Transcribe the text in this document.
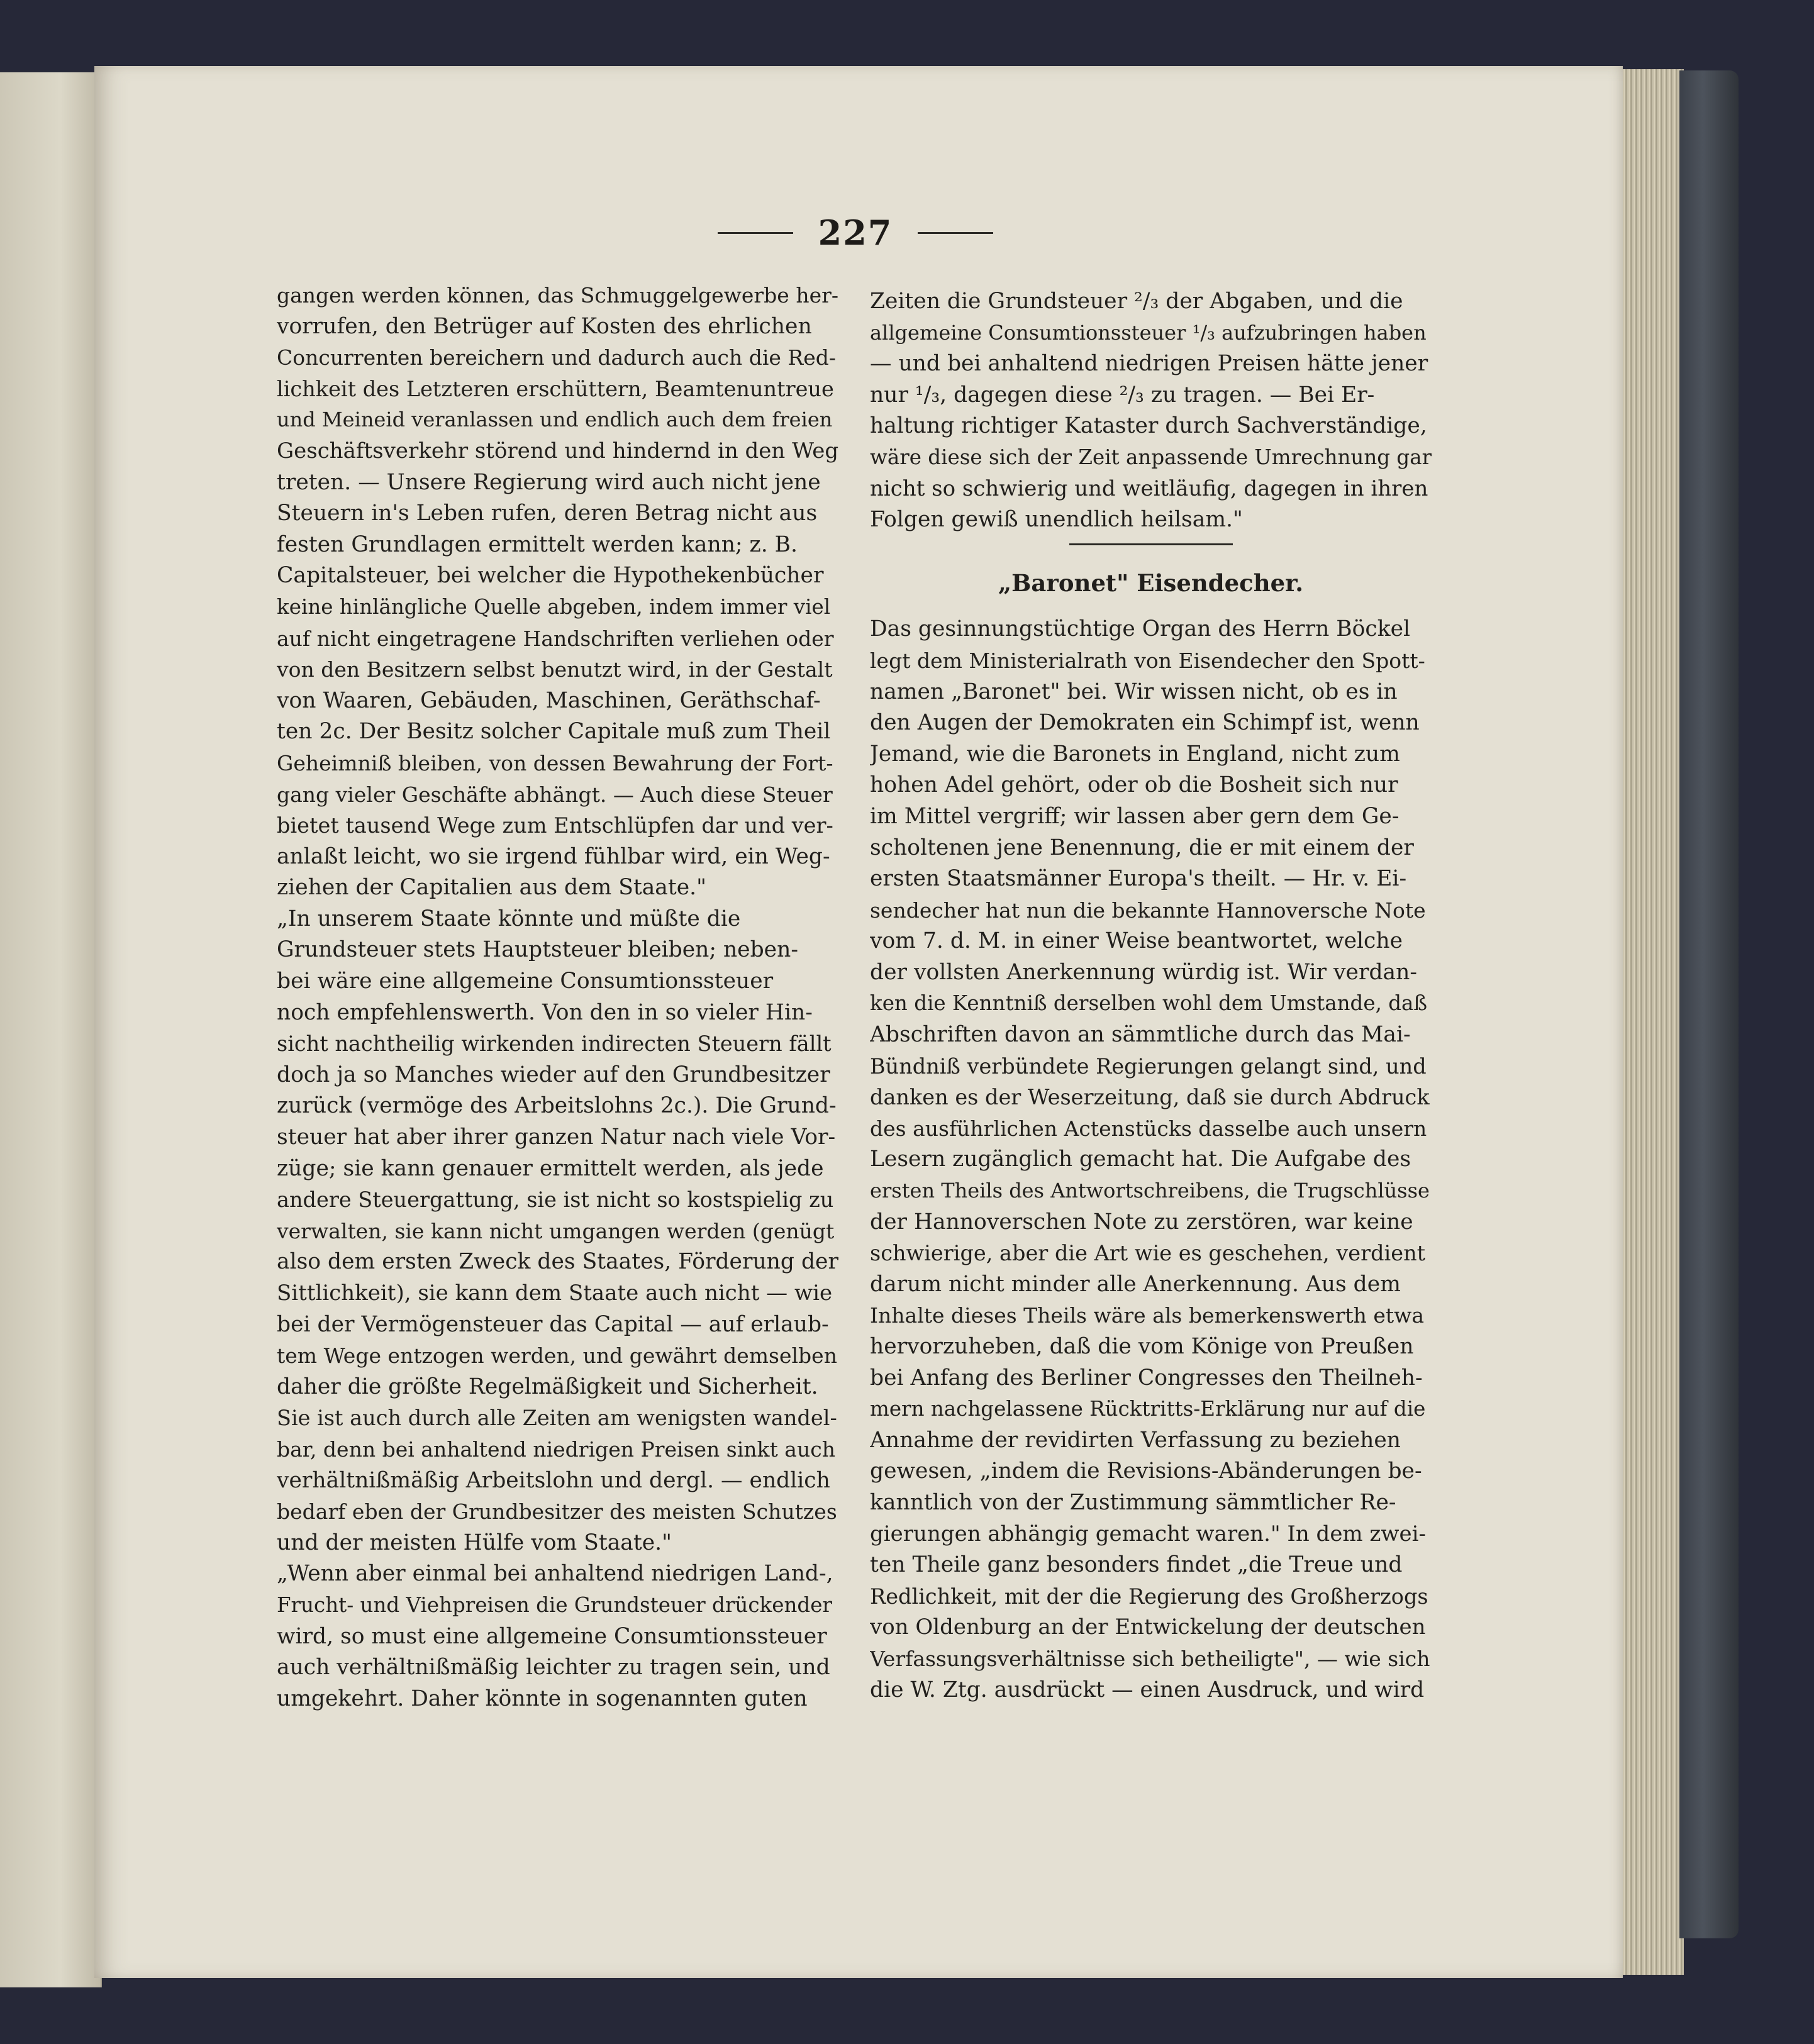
227
gangen werden können, das Schmuggelgewerbe her-
vorrufen, den Betrüger auf Kosten des ehrlichen
Concurrenten bereichern und dadurch auch die Red-
lichkeit des Letzteren erschüttern, Beamtenuntreue
und Meineid veranlassen und endlich auch dem freien
Geschäftsverkehr störend und hindernd in den Weg
treten. — Unsere Regierung wird auch nicht jene
Steuern in's Leben rufen, deren Betrag nicht aus
festen Grundlagen ermittelt werden kann; z. B.
Capitalsteuer, bei welcher die Hypothekenbücher
keine hinlängliche Quelle abgeben, indem immer viel
auf nicht eingetragene Handschriften verliehen oder
von den Besitzern selbst benutzt wird, in der Gestalt
von Waaren, Gebäuden, Maschinen, Geräthschaf-
ten 2c. Der Besitz solcher Capitale muß zum Theil
Geheimniß bleiben, von dessen Bewahrung der Fort-
gang vieler Geschäfte abhängt. — Auch diese Steuer
bietet tausend Wege zum Entschlüpfen dar und ver-
anlaßt leicht, wo sie irgend fühlbar wird, ein Weg-
ziehen der Capitalien aus dem Staate."
„In unserem Staate könnte und müßte die
Grundsteuer stets Hauptsteuer bleiben; neben-
bei wäre eine allgemeine Consumtionssteuer
noch empfehlenswerth. Von den in so vieler Hin-
sicht nachtheilig wirkenden indirecten Steuern fällt
doch ja so Manches wieder auf den Grundbesitzer
zurück (vermöge des Arbeitslohns 2c.). Die Grund-
steuer hat aber ihrer ganzen Natur nach viele Vor-
züge; sie kann genauer ermittelt werden, als jede
andere Steuergattung, sie ist nicht so kostspielig zu
verwalten, sie kann nicht umgangen werden (genügt
also dem ersten Zweck des Staates, Förderung der
Sittlichkeit), sie kann dem Staate auch nicht — wie
bei der Vermögensteuer das Capital — auf erlaub-
tem Wege entzogen werden, und gewährt demselben
daher die größte Regelmäßigkeit und Sicherheit.
Sie ist auch durch alle Zeiten am wenigsten wandel-
bar, denn bei anhaltend niedrigen Preisen sinkt auch
verhältnißmäßig Arbeitslohn und dergl. — endlich
bedarf eben der Grundbesitzer des meisten Schutzes
und der meisten Hülfe vom Staate."
„Wenn aber einmal bei anhaltend niedrigen Land-,
Frucht- und Viehpreisen die Grundsteuer drückender
wird, so must eine allgemeine Consumtionssteuer
auch verhältnißmäßig leichter zu tragen sein, und
umgekehrt. Daher könnte in sogenannten guten
Zeiten die Grundsteuer ²/₃ der Abgaben, und die
allgemeine Consumtionssteuer ¹/₃ aufzubringen haben
— und bei anhaltend niedrigen Preisen hätte jener
nur ¹/₃, dagegen diese ²/₃ zu tragen. — Bei Er-
haltung richtiger Kataster durch Sachverständige,
wäre diese sich der Zeit anpassende Umrechnung gar
nicht so schwierig und weitläufig, dagegen in ihren
Folgen gewiß unendlich heilsam."
„Baronet" Eisendecher.
Das gesinnungstüchtige Organ des Herrn Böckel
legt dem Ministerialrath von Eisendecher den Spott-
namen „Baronet" bei. Wir wissen nicht, ob es in
den Augen der Demokraten ein Schimpf ist, wenn
Jemand, wie die Baronets in England, nicht zum
hohen Adel gehört, oder ob die Bosheit sich nur
im Mittel vergriff; wir lassen aber gern dem Ge-
scholtenen jene Benennung, die er mit einem der
ersten Staatsmänner Europa's theilt. — Hr. v. Ei-
sendecher hat nun die bekannte Hannoversche Note
vom 7. d. M. in einer Weise beantwortet, welche
der vollsten Anerkennung würdig ist. Wir verdan-
ken die Kenntniß derselben wohl dem Umstande, daß
Abschriften davon an sämmtliche durch das Mai-
Bündniß verbündete Regierungen gelangt sind, und
danken es der Weserzeitung, daß sie durch Abdruck
des ausführlichen Actenstücks dasselbe auch unsern
Lesern zugänglich gemacht hat. Die Aufgabe des
ersten Theils des Antwortschreibens, die Trugschlüsse
der Hannoverschen Note zu zerstören, war keine
schwierige, aber die Art wie es geschehen, verdient
darum nicht minder alle Anerkennung. Aus dem
Inhalte dieses Theils wäre als bemerkenswerth etwa
hervorzuheben, daß die vom Könige von Preußen
bei Anfang des Berliner Congresses den Theilneh-
mern nachgelassene Rücktritts-Erklärung nur auf die
Annahme der revidirten Verfassung zu beziehen
gewesen, „indem die Revisions-Abänderungen be-
kanntlich von der Zustimmung sämmtlicher Re-
gierungen abhängig gemacht waren." In dem zwei-
ten Theile ganz besonders findet „die Treue und
Redlichkeit, mit der die Regierung des Großherzogs
von Oldenburg an der Entwickelung der deutschen
Verfassungsverhältnisse sich betheiligte", — wie sich
die W. Ztg. ausdrückt — einen Ausdruck, und wird
